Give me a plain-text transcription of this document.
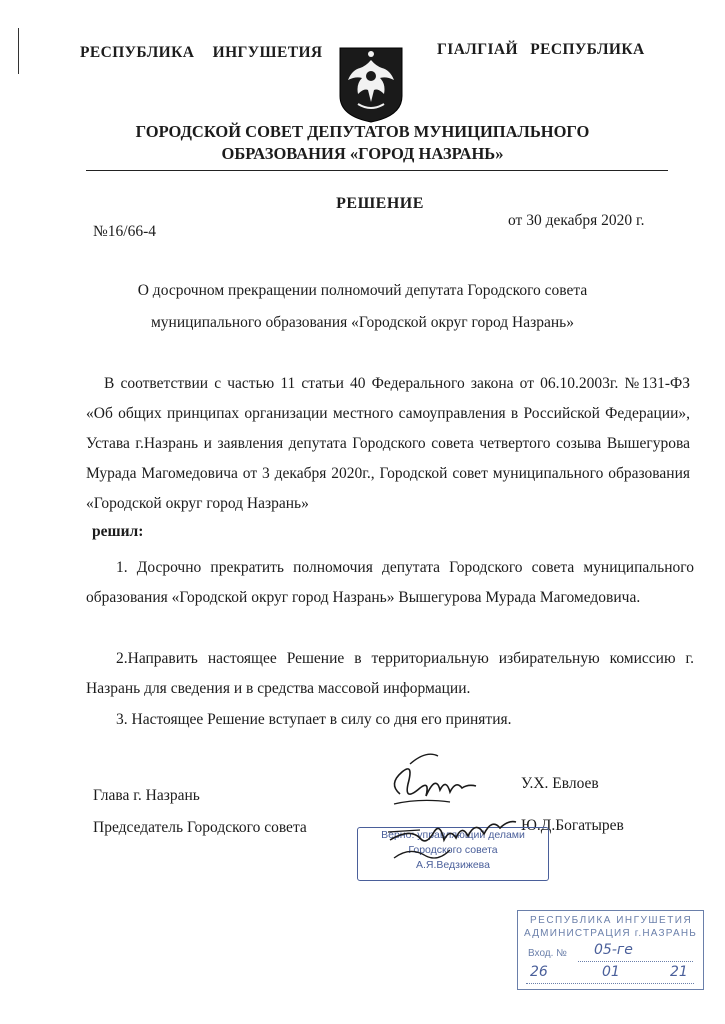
РЕСПУБЛИКА ИНГУШЕТИЯ	ГIАЛГIАЙ РЕСПУБЛИКА
ГОРОДСКОЙ СОВЕТ ДЕПУТАТОВ МУНИЦИПАЛЬНОГО
ОБРАЗОВАНИЯ «ГОРОД НАЗРАНЬ»
РЕШЕНИЕ
№16/66-4
от 30 декабря 2020 г.
О досрочном прекращении полномочий депутата Городского совета
муниципального образования «Городской округ город Назрань»
В соответствии с частью 11 статьи 40 Федерального закона от 06.10.2003г. №131-ФЗ «Об общих принципах организации местного самоуправления в Российской Федерации», Устава г.Назрань и заявления депутата Городского совета четвертого созыва Вышегурова Мурада Магомедовича от 3 декабря 2020г., Городской совет муниципального образования «Городской округ город Назрань»
решил:
1. Досрочно прекратить полномочия депутата Городского совета муниципального образования «Городской округ город Назрань» Вышегурова Мурада Магомедовича.
2.Направить настоящее Решение в территориальную избирательную комиссию г. Назрань для сведения и в средства массовой информации.
3. Настоящее Решение вступает в силу со дня его принятия.
Глава г. Назрань
У.Х. Евлоев
Председатель Городского совета	Ю.Д.Богатырев
Верно: управляющий делами
Городского совета
А.Я.Ведзижева
РЕСПУБЛИКА ИНГУШЕТИЯ
АДМИНИСТРАЦИЯ г.НАЗРАНЬ
Вход. № 05-ге
26	01	21
